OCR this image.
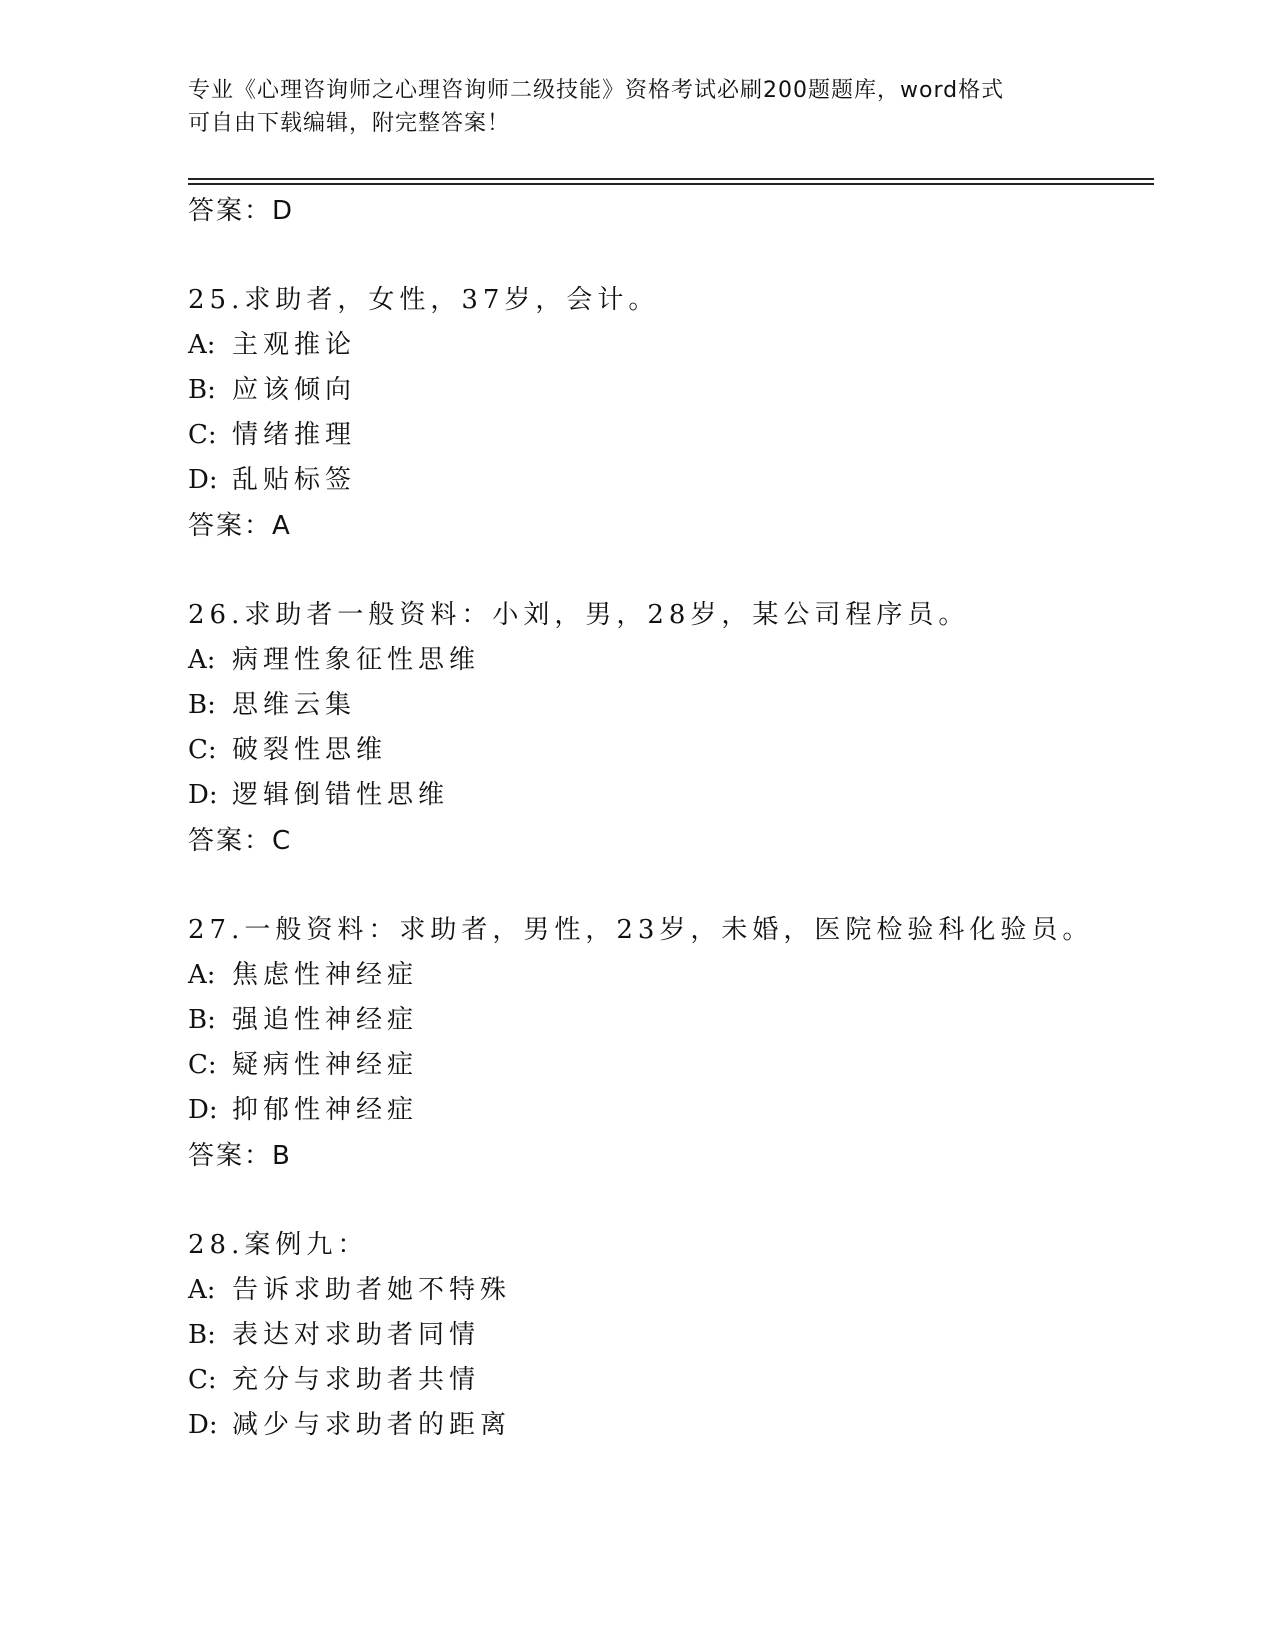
专业《心理咨询师之心理咨询师二级技能》资格考试必刷200题题库，word格式
可自由下载编辑，附完整答案！
答案：D
25.求助者，女性，37岁，会计。
A: 主观推论
B: 应该倾向
C: 情绪推理
D: 乱贴标签
答案：A
26.求助者一般资料：小刘，男，28岁，某公司程序员。
A: 病理性象征性思维
B: 思维云集
C: 破裂性思维
D: 逻辑倒错性思维
答案：C
27.一般资料：求助者，男性，23岁，未婚，医院检验科化验员。
A: 焦虑性神经症
B: 强追性神经症
C: 疑病性神经症
D: 抑郁性神经症
答案：B
28.案例九：
A: 告诉求助者她不特殊
B: 表达对求助者同情
C: 充分与求助者共情
D: 减少与求助者的距离
